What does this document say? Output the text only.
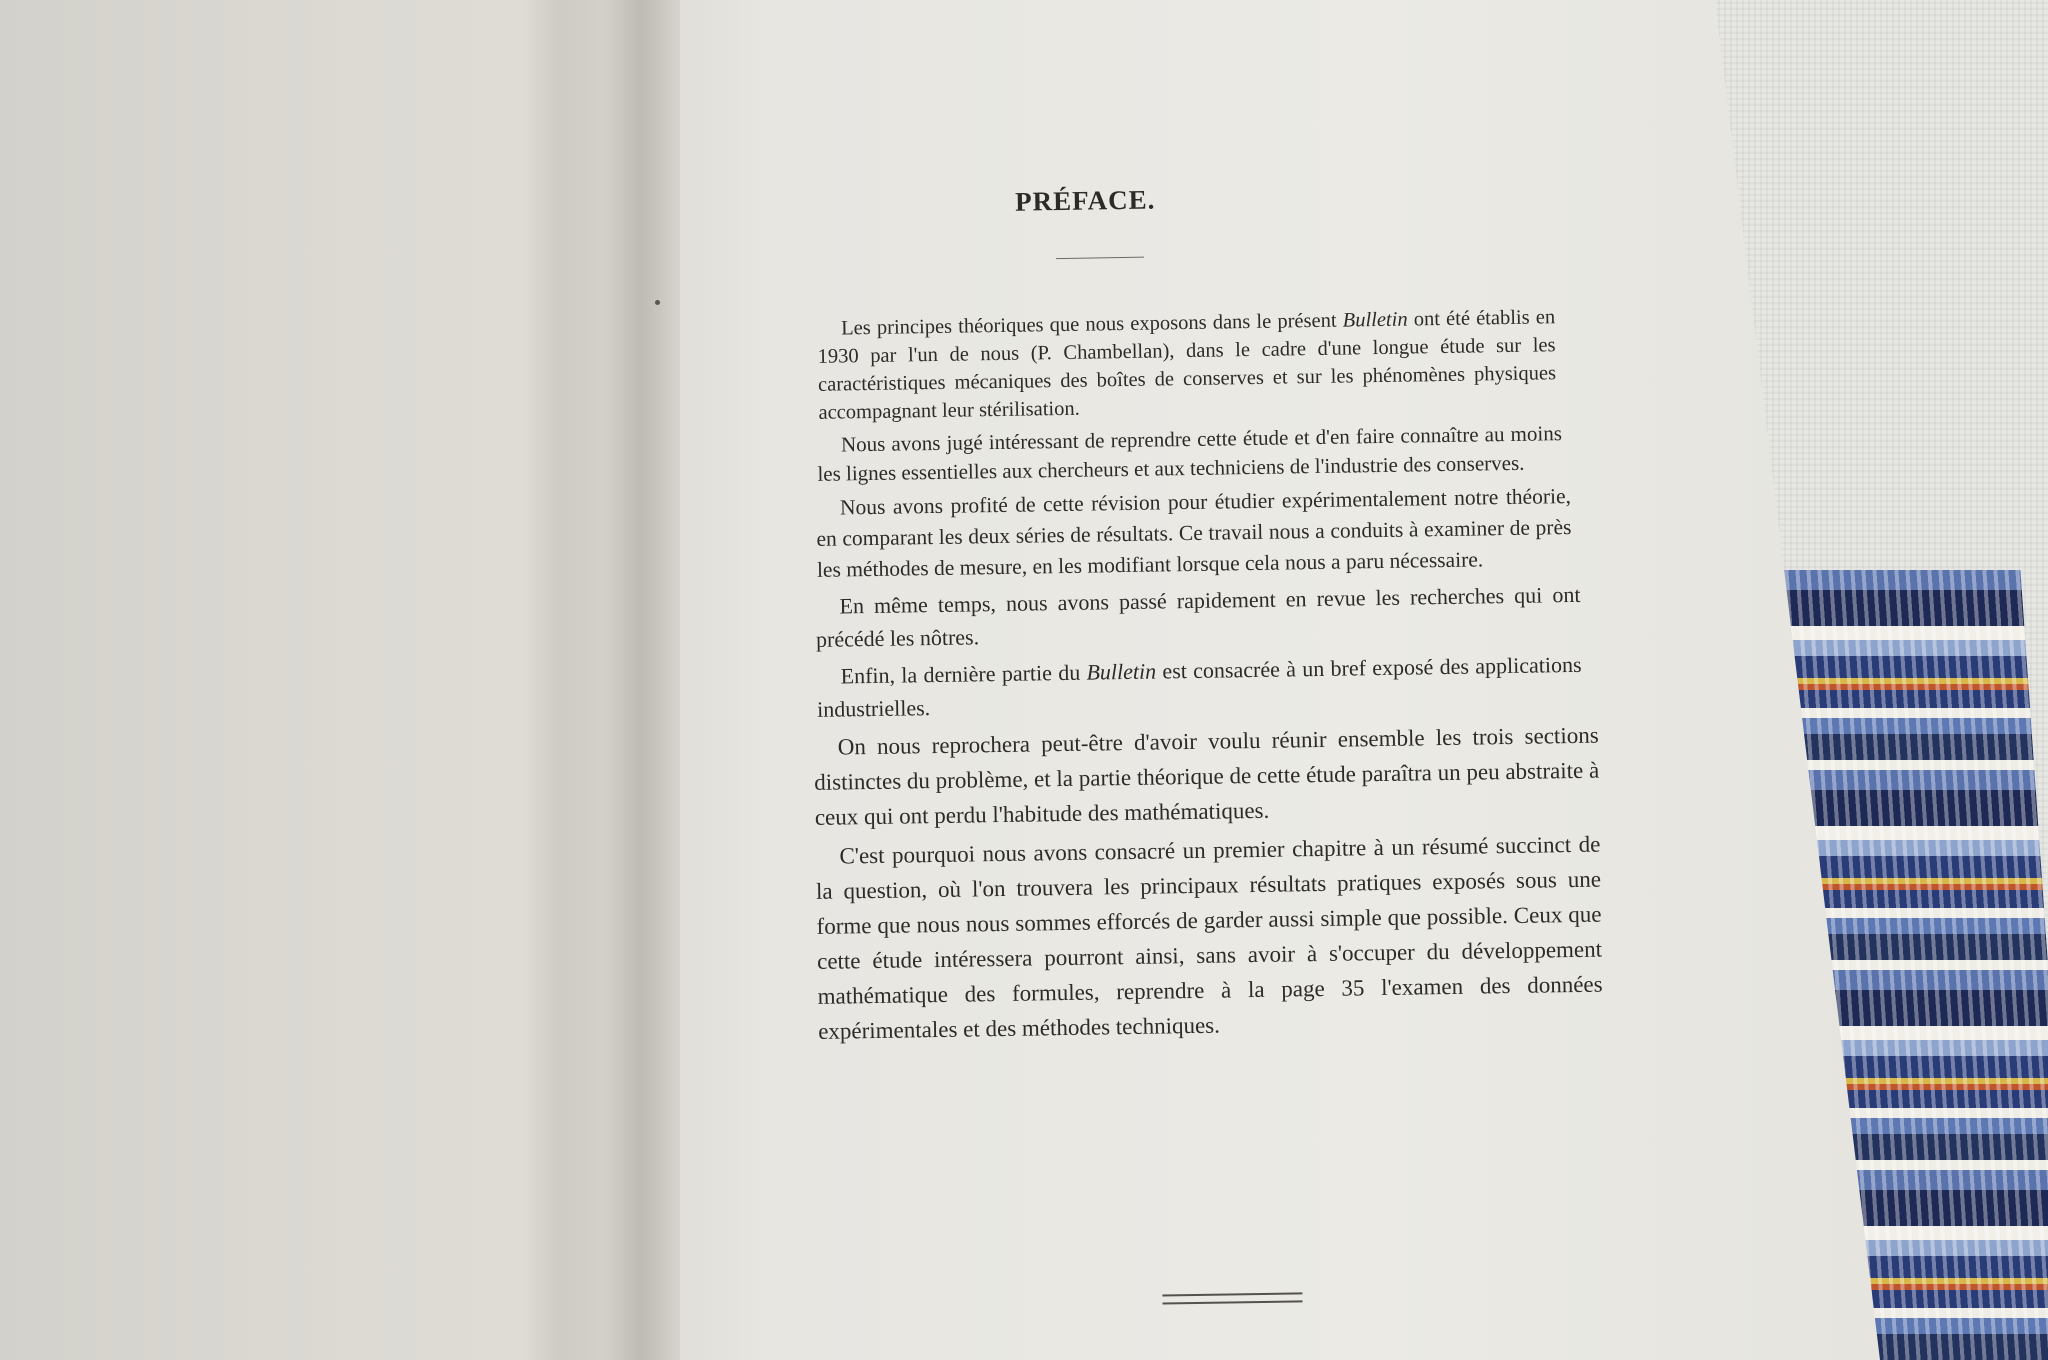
PRÉFACE.

Les principes théoriques que nous exposons dans le présent Bulletin ont été établis en 1930 par l'un de nous (P. Chambellan), dans le cadre d'une longue étude sur les caractéristiques mécaniques des boîtes de conserves et sur les phénomènes physiques accompagnant leur stérilisation.

Nous avons jugé intéressant de reprendre cette étude et d'en faire connaître au moins les lignes essentielles aux chercheurs et aux techniciens de l'industrie des conserves.

Nous avons profité de cette révision pour étudier expérimentalement notre théorie, en comparant les deux séries de résultats. Ce travail nous a conduits à examiner de près les méthodes de mesure, en les modifiant lorsque cela nous a paru nécessaire.

En même temps, nous avons passé rapidement en revue les recherches qui ont précédé les nôtres.

Enfin, la dernière partie du Bulletin est consacrée à un bref exposé des applications industrielles.

On nous reprochera peut-être d'avoir voulu réunir ensemble les trois sections distinctes du problème, et la partie théorique de cette étude paraîtra un peu abstraite à ceux qui ont perdu l'habitude des mathématiques.

C'est pourquoi nous avons consacré un premier chapitre à un résumé succinct de la question, où l'on trouvera les principaux résultats pratiques exposés sous une forme que nous nous sommes efforcés de garder aussi simple que possible. Ceux que cette étude intéressera pourront ainsi, sans avoir à s'occuper du développement mathématique des formules, reprendre à la page 35 l'examen des données expérimentales et des méthodes techniques.
